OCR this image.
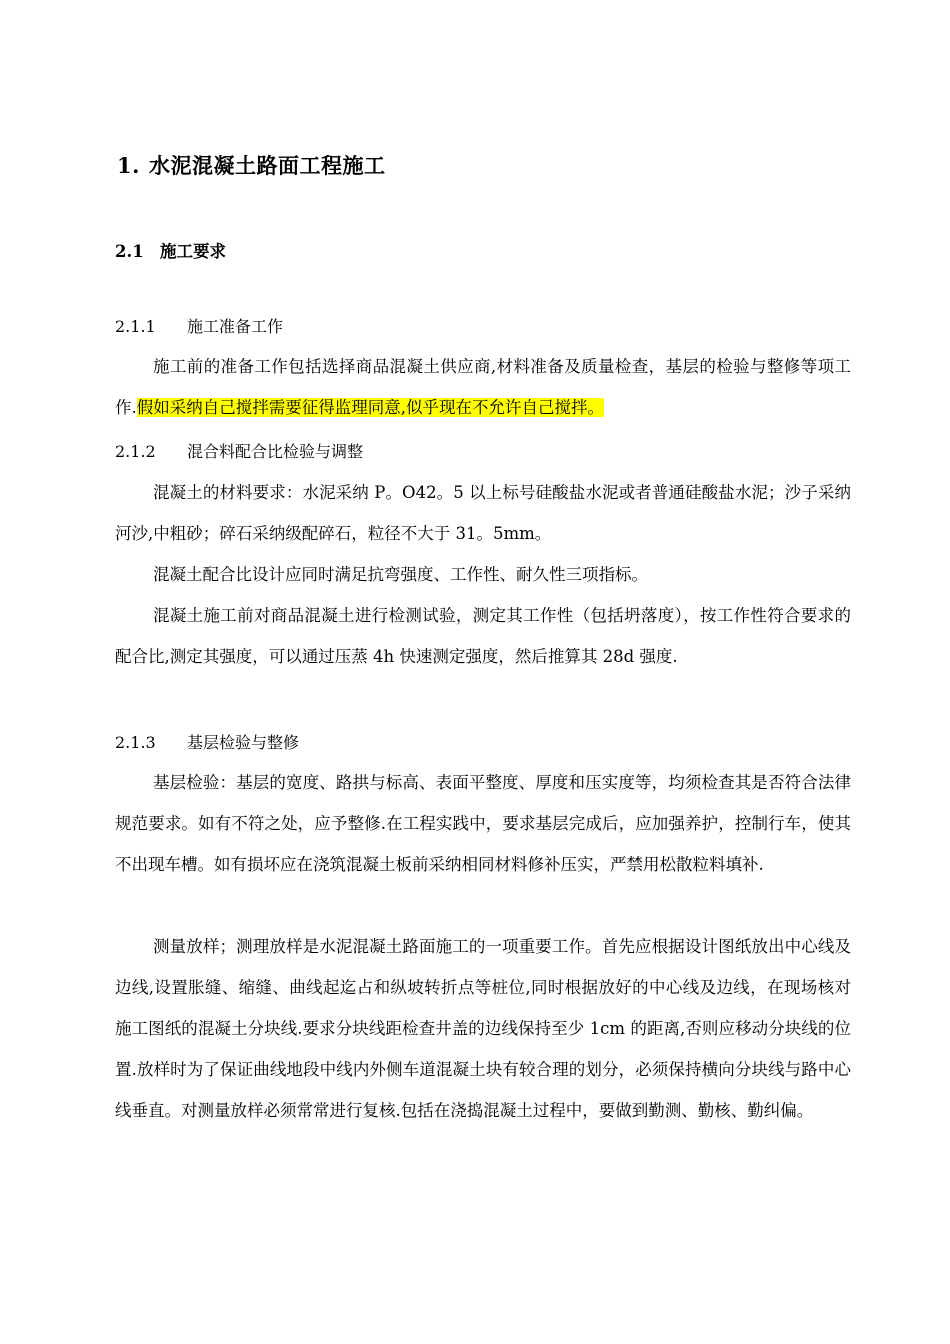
1. 水泥混凝土路面工程施工
2.1 施工要求
2.1.1 施工准备工作

施工前的准备工作包括选择商品混凝土供应商,材料准备及质量检查，基层的检验与整修等项工作.假如采纳自己搅拌需要征得监理同意,似乎现在不允许自己搅拌。

2.1.2 混合料配合比检验与调整

混凝土的材料要求：水泥采纳 P。O42。5 以上标号硅酸盐水泥或者普通硅酸盐水泥；沙子采纳河沙,中粗砂；碎石采纳级配碎石，粒径不大于 31。5mm。

混凝土配合比设计应同时满足抗弯强度、工作性、耐久性三项指标。

混凝土施工前对商品混凝土进行检测试验，测定其工作性（包括坍落度），按工作性符合要求的配合比,测定其强度，可以通过压蒸 4h 快速测定强度，然后推算其 28d 强度.

2.1.3 基层检验与整修

基层检验：基层的宽度、路拱与标高、表面平整度、厚度和压实度等，均须检查其是否符合法律规范要求。如有不符之处，应予整修.在工程实践中，要求基层完成后，应加强养护，控制行车，使其不出现车槽。如有损坏应在浇筑混凝土板前采纳相同材料修补压实，严禁用松散粒料填补.

测量放样；测理放样是水泥混凝土路面施工的一项重要工作。首先应根据设计图纸放出中心线及边线,设置胀缝、缩缝、曲线起迄占和纵坡转折点等桩位,同时根据放好的中心线及边线，在现场核对施工图纸的混凝土分块线.要求分块线距检查井盖的边线保持至少 1cm 的距离,否则应移动分块线的位置.放样时为了保证曲线地段中线内外侧车道混凝土块有较合理的划分，必须保持横向分块线与路中心线垂直。对测量放样必须常常进行复核.包括在浇捣混凝土过程中，要做到勤测、勤核、勤纠偏。
